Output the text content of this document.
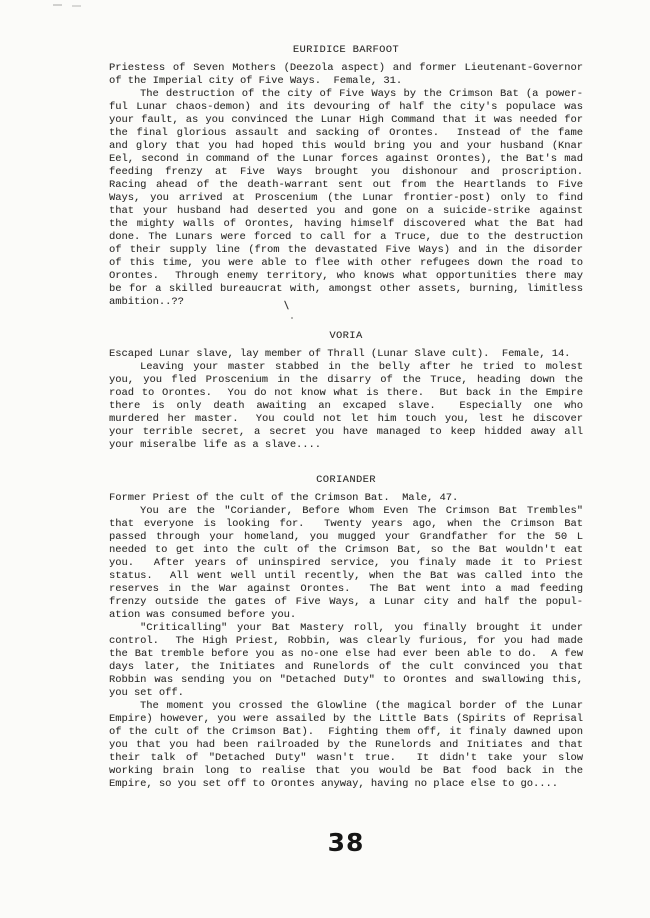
EURIDICE BARFOOT
Priestess of Seven Mothers (Deezola aspect) and former Lieutenant-Governor
of the Imperial city of Five Ways.  Female, 31.
The destruction of the city of Five Ways by the Crimson Bat (a power-
ful Lunar chaos-demon) and its devouring of half the city's populace was
your fault, as you convinced the Lunar High Command that it was needed for
the final glorious assault and sacking of Orontes.  Instead of the fame
and glory that you had hoped this would bring you and your husband (Knar
Eel, second in command of the Lunar forces against Orontes), the Bat's mad
feeding frenzy at Five Ways brought you dishonour and proscription.
Racing ahead of the death-warrant sent out from the Heartlands to Five
Ways, you arrived at Proscenium (the Lunar frontier-post) only to find
that your husband had deserted you and gone on a suicide-strike against
the mighty walls of Orontes, having himself discovered what the Bat had
done. The Lunars were forced to call for a Truce, due to the destruction
of their supply line (from the devastated Five Ways) and in the disorder
of this time, you were able to flee with other refugees down the road to
Orontes.  Through enemy territory, who knows what opportunities there may
be for a skilled bureaucrat with, amongst other assets, burning, limitless
ambition..??	\
VORIA
Escaped Lunar slave, lay member of Thrall (Lunar Slave cult).  Female, 14.
Leaving your master stabbed in the belly after he tried to molest
you, you fled Proscenium in the disarry of the Truce, heading down the
road to Orontes.  You do not know what is there.  But back in the Empire
there is only death awaiting an excaped slave.  Especially one who
murdered her master.  You could not let him touch you, lest he discover
your terrible secret, a secret you have managed to keep hidded away all
your miseralbe life as a slave....
CORIANDER
Former Priest of the cult of the Crimson Bat.  Male, 47.
You are the "Coriander, Before Whom Even The Crimson Bat Trembles"
that everyone is looking for.  Twenty years ago, when the Crimson Bat
passed through your homeland, you mugged your Grandfather for the 50 L
needed to get into the cult of the Crimson Bat, so the Bat wouldn't eat
you.  After years of uninspired service, you finaly made it to Priest
status.  All went well until recently, when the Bat was called into the
reserves in the War against Orontes.  The Bat went into a mad feeding
frenzy outside the gates of Five Ways, a Lunar city and half the popul-
ation was consumed before you.
"Criticalling" your Bat Mastery roll, you finally brought it under
control.  The High Priest, Robbin, was clearly furious, for you had made
the Bat tremble before you as no-one else had ever been able to do.  A few
days later, the Initiates and Runelords of the cult convinced you that
Robbin was sending you on "Detached Duty" to Orontes and swallowing this,
you set off.
The moment you crossed the Glowline (the magical border of the Lunar
Empire) however, you were assailed by the Little Bats (Spirits of Reprisal
of the cult of the Crimson Bat).  Fighting them off, it finaly dawned upon
you that you had been railroaded by the Runelords and Initiates and that
their talk of "Detached Duty" wasn't true.  It didn't take your slow
working brain long to realise that you would be Bat food back in the
Empire, so you set off to Orontes anyway, having no place else to go....
38
